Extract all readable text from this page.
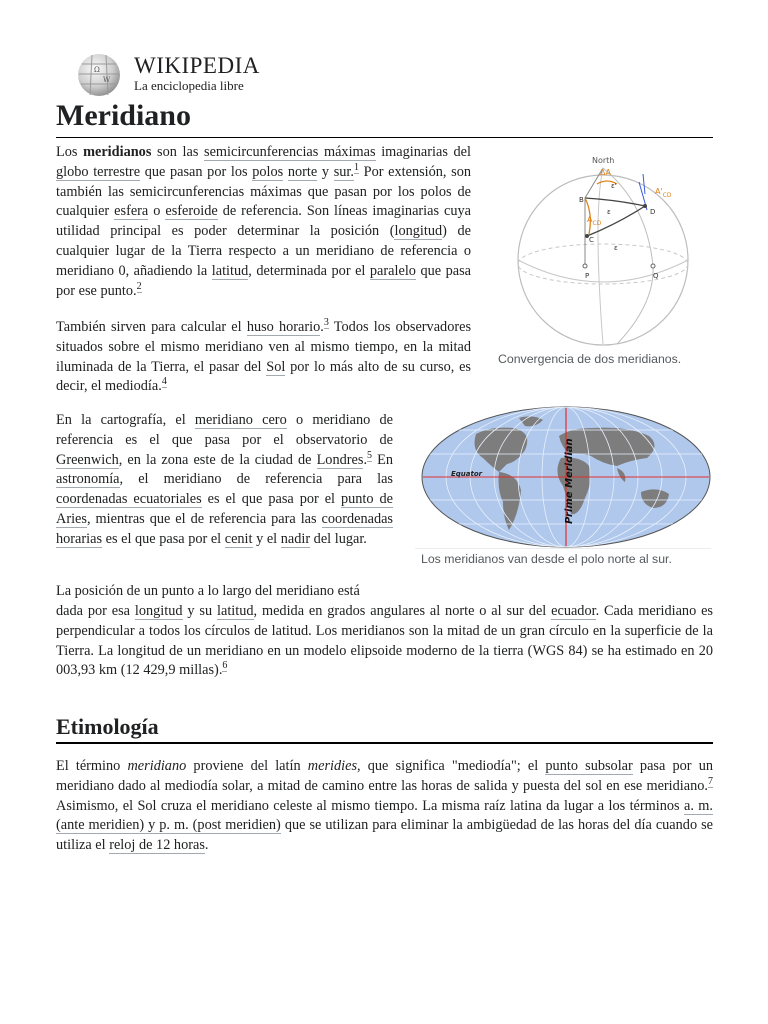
Ω
W
WIKIPEDIA
La enciclopedia libre
Meridiano

Los meridianos son las semicircunferencias máximas imaginarias del globo terrestre que pasan por los polos norte y sur.$^1$ Por extensión, son también las semicircunferencias máximas que pasan por los polos de cualquier esfera o esferoide de referencia. Son líneas imaginarias cuya utilidad principal es poder determinar la posición (longitud) de cualquier lugar de la Tierra respecto a un meridiano de referencia o meridiano 0, añadiendo la latitud, determinada por el paralelo que pasa por ese punto.$^2$

También sirven para calcular el huso horario.$^3$ Todos los observadores situados sobre el mismo meridiano ven al mismo tiempo, en la mitad iluminada de la Tierra, el pasar del Sol por lo más alto de su curso, es decir, el mediodía.$^4$

En la cartografía, el meridiano cero o meridiano de referencia es el que pasa por el observatorio de Greenwich, en la zona este de la ciudad de Londres.$^5$ En astronomía, el meridiano de referencia para las coordenadas ecuatoriales es el que pasa por el punto de Aries, mientras que el de referencia para las coordenadas horarias es el que pasa por el cenit y el nadir del lugar.

La posición de un punto a lo largo del meridiano está

dada por esa longitud y su latitud, medida en grados angulares al norte o al sur del ecuador. Cada meridiano es perpendicular a todos los círculos de latitud. Los meridianos son la mitad de un gran círculo en la superficie de la Tierra. La longitud de un meridiano en un modelo elipsoide moderno de la tierra (WGS 84) se ha estimado en 20 003,93 km (12 429,9 millas).$^6$

Etimología

El término meridiano proviene del latín meridies, que significa "mediodía"; el punto subsolar pasa por un meridiano dado al mediodía solar, a mitad de camino entre las horas de salida y puesta del sol en ese meridiano.$^7$ Asimismo, el Sol cruza el meridiano celeste al mismo tiempo. La misma raíz latina da lugar a los términos a. m. (ante meridien) y p. m. (post meridien) que se utilizan para eliminar la ambigüedad de las horas del día cuando se utiliza el reloj de 12 horas.

North
ΔA
ε'
ε
ε
B
D
C
P	Q
$A'_{CD}$
$A_{CD}$
Convergencia de dos meridianos.
Equator	Prime Meridian
Los meridianos van desde el polo norte al sur.
